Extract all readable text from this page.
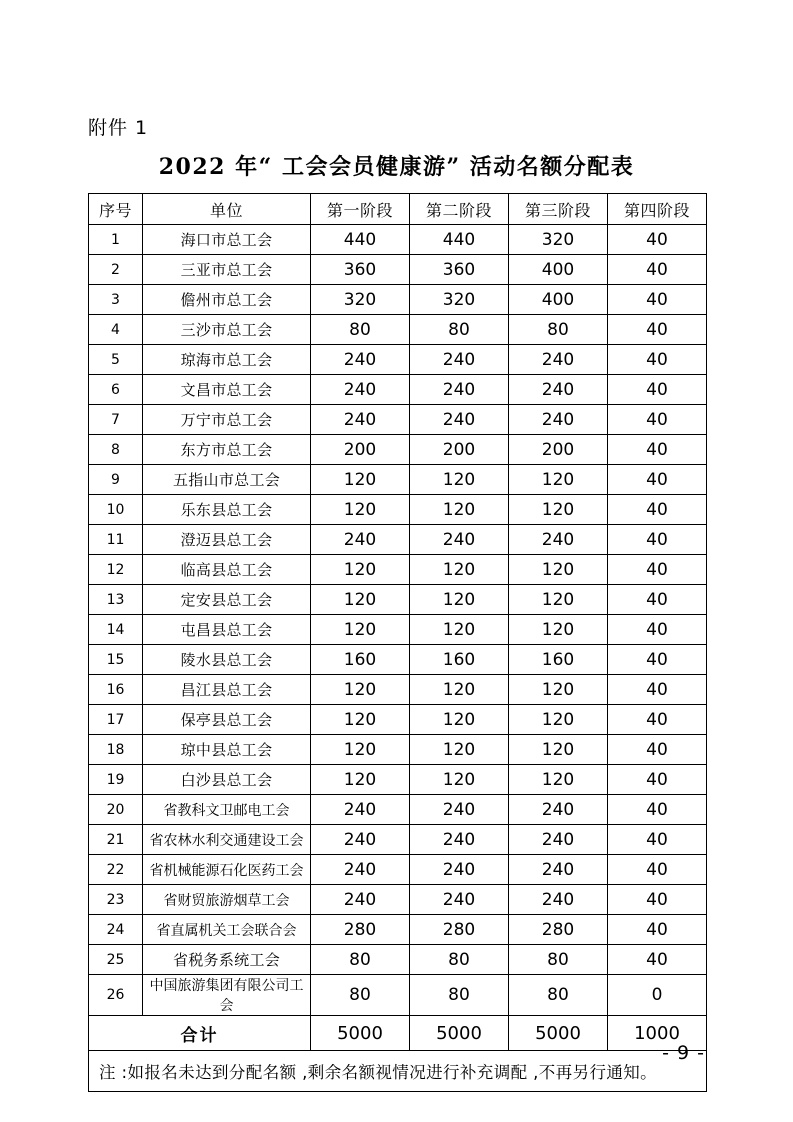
附件 1
2022 年“ 工会会员健康游” 活动名额分配表
序号	单位	第一阶段	第二阶段	第三阶段	第四阶段
1	海口市总工会	440	440	320	40
2	三亚市总工会	360	360	400	40
3	儋州市总工会	320	320	400	40
4	三沙市总工会	80	80	80	40
5	琼海市总工会	240	240	240	40
6	文昌市总工会	240	240	240	40
7	万宁市总工会	240	240	240	40
8	东方市总工会	200	200	200	40
9	五指山市总工会	120	120	120	40
10	乐东县总工会	120	120	120	40
11	澄迈县总工会	240	240	240	40
12	临高县总工会	120	120	120	40
13	定安县总工会	120	120	120	40
14	屯昌县总工会	120	120	120	40
15	陵水县总工会	160	160	160	40
16	昌江县总工会	120	120	120	40
17	保亭县总工会	120	120	120	40
18	琼中县总工会	120	120	120	40
19	白沙县总工会	120	120	120	40
20	省教科文卫邮电工会	240	240	240	40
21	省农林水利交通建设工会	240	240	240	40
22	省机械能源石化医药工会	240	240	240	40
23	省财贸旅游烟草工会	240	240	240	40
24	省直属机关工会联合会	280	280	280	40
25	省税务系统工会	80	80	80	40
26	中国旅游集团有限公司工会	80	80	80	0
合计		5000	5000	5000	1000
注 :如报名未达到分配名额 ,剩余名额视情况进行补充调配 ,不再另行通知。					
- 9 -
